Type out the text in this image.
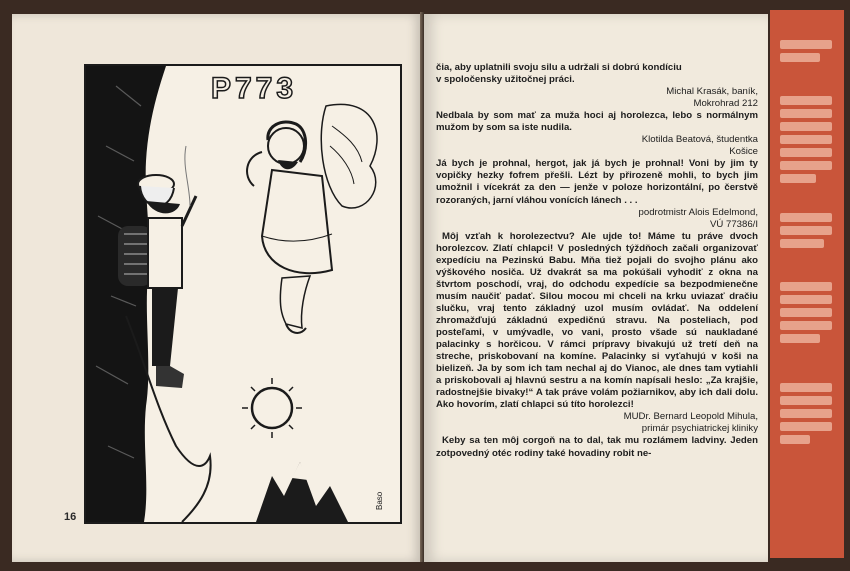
P773
Baso
16

čia, aby uplatnili svoju silu a udržali si dobrú kondíciu

v spoločensky užitočnej práci.

Michal Krasák, baník,

Mokrohrad 212

Nedbala by som mať za muža hoci aj horolezca, lebo s normálnym mužom by som sa iste nudila.

Klotilda Beatová, študentka

Košice

Já bych je prohnal, hergot, jak já bych je prohnal! Voni by jim ty vopičky hezky fofrem přešli. Lézt by přirozeně mohli, to bych jim umožnil i vícekrát za den — jenže v poloze horizontální, po čerstvě rozoraných, jarní vláhou vonících lánech . . .

podrotmistr Alois Edelmond,

VÚ 77386/I

Môj vzťah k horolezectvu? Ale ujde to! Máme tu práve dvoch horolezcov. Zlatí chlapci! V posledných týždňoch začali organizovať expedíciu na Pezinskú Babu. Mňa tiež pojali do svojho plánu ako výškového nosiča. Už dvakrát sa ma pokúšali vyhodiť z okna na štvrtom poschodí, vraj, do odchodu expedície sa bezpodmienečne musím naučiť padať. Silou mocou mi chceli na krku uviazať dračiu slučku, vraj tento základný uzol musím ovládať. Na oddelení zhromažďujú základnú expedičnú stravu. Na posteliach, pod posteľami, v umývadle, vo vani, prosto všade sú naukladané palacinky s horčicou. V rámci prípravy bivakujú už tretí deň na streche, priskobovaní na komíne. Palacinky si vyťahujú v koši na bielizeň. Ja by som ich tam nechal aj do Vianoc, ale dnes tam vytiahli a priskobovali aj hlavnú sestru a na komín napísali heslo: „Za krajšie, radostnejšie bivaky!“ A tak práve volám požiarnikov, aby ich dali dolu. Ako hovorím, zlatí chlapci sú títo horolezci!

MUDr. Bernard Leopold Mihula,

primár psychiatrickej kliniky

Keby sa ten môj corgoň na to dal, tak mu rozlámem ladviny. Jeden zotpovedný otéc rodiny také hovadiny robit ne-
